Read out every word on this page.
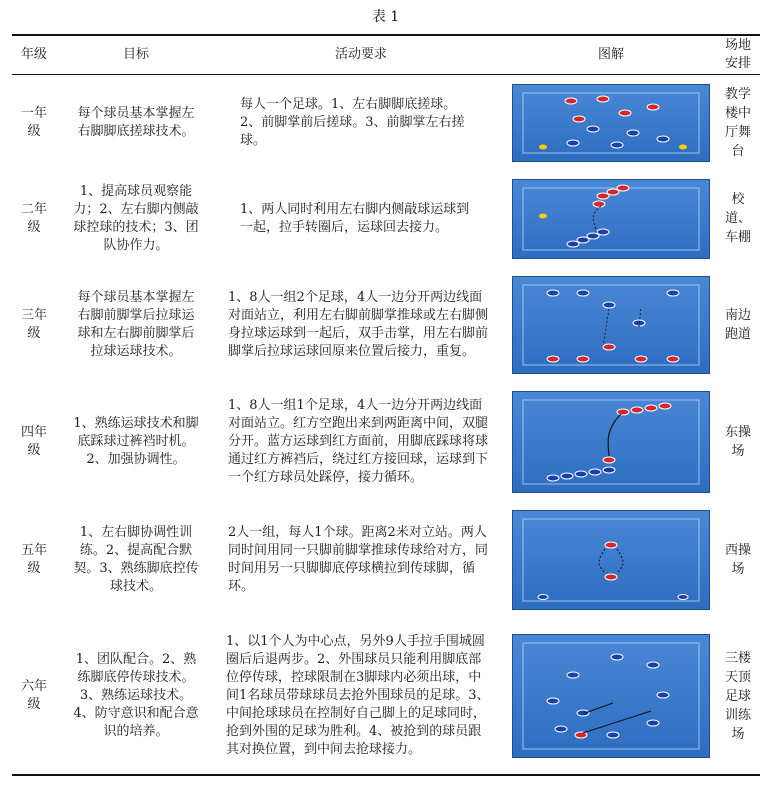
表 1
年级	目标	活动要求	图解	场地安排
一年级	每个球员基本掌握左右脚脚底搓球技术。	每人一个足球。1、左右脚脚底搓球。2、前脚掌前后搓球。3、前脚掌左右搓球。		教学楼中厅舞台
二年级	1、提高球员观察能力；2、左右脚内侧敲球控球的技术；3、团队协作力。	1、两人同时利用左右脚内侧敲球运球到一起，拉手转圈后，运球回去接力。		校道、车棚
三年级	每个球员基本掌握左右脚前脚掌后拉球运球和左右脚前脚掌后拉球运球技术。	1、8人一组2个足球，4人一边分开两边线面对面站立，利用左右脚前脚掌推球或左右脚侧身拉球运球到一起后，双手击掌，用左右脚前脚掌后拉球运球回原来位置后接力，重复。		南边跑道
四年级	1、熟练运球技术和脚底踩球过裤裆时机。2、加强协调性。	1、8人一组1个足球，4人一边分开两边线面对面站立。红方空跑出来到两距离中间，双腿分开。蓝方运球到红方面前，用脚底踩球将球通过红方裤裆后，绕过红方接回球，运球到下一个红方球员处踩停，接力循环。		东操场
五年级	1、左右脚协调性训练。2、提高配合默契。3、熟练脚底控传球技术。	2人一组，每人1个球。距离2米对立站。两人同时间用同一只脚前脚掌推球传球给对方，同时间用另一只脚脚底停球横拉到传球脚，循环。		西操场
六年级	1、团队配合。2、熟练脚底停传球技术。3、熟练运球技术。4、防守意识和配合意识的培养。	1、以1个人为中心点，另外9人手拉手围城圆圈后后退两步。2、外围球员只能利用脚底部位停传球，控球限制在3脚球内必须出球，中间1名球员带球球员去抢外围球员的足球。3、中间抢球球员在控制好自己脚上的足球同时，抢到外围的足球为胜利。4、被抢到的球员跟其对换位置，到中间去抢球接力。		三楼天顶足球训练场
